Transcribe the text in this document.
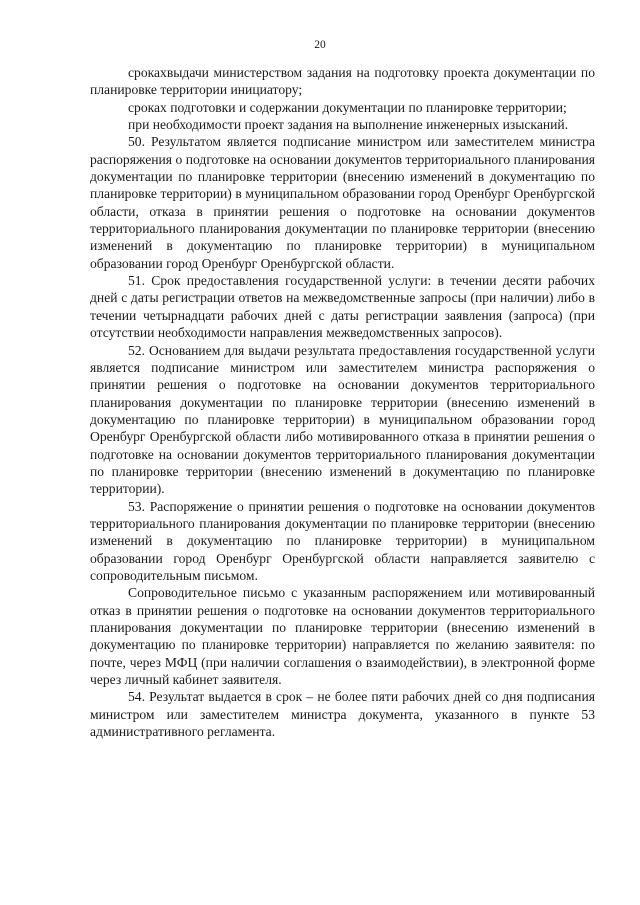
20

срокахвыдачи министерством задания на подготовку проекта документации по планировке территории инициатору;

сроках подготовки и содержании документации по планировке территории;

при необходимости проект задания на выполнение инженерных изысканий.

50. Результатом является подписание министром или заместителем министра распоряжения о подготовке на основании документов территориального планирования документации по планировке территории (внесению изменений в документацию по планировке территории) в муниципальном образовании город Оренбург Оренбургской области, отказа в принятии решения о подготовке на основании документов территориального планирования документации по планировке территории (внесению изменений в документацию по планировке территории) в муниципальном образовании город Оренбург Оренбургской области.

51. Срок предоставления государственной услуги: в течении десяти рабочих дней с даты регистрации ответов на межведомственные запросы (при наличии) либо в течении четырнадцати рабочих дней с даты регистрации заявления (запроса) (при отсутствии необходимости направления межведомственных запросов).

52. Основанием для выдачи результата предоставления государственной услуги является подписание министром или заместителем министра распоряжения о принятии решения о подготовке на основании документов территориального планирования документации по планировке территории (внесению изменений в документацию по планировке территории) в муниципальном образовании город Оренбург Оренбургской области либо мотивированного отказа в принятии решения о подготовке на основании документов территориального планирования документации по планировке территории (внесению изменений в документацию по планировке территории).

53. Распоряжение о принятии решения о подготовке на основании документов территориального планирования документации по планировке территории (внесению изменений в документацию по планировке территории) в муниципальном образовании город Оренбург Оренбургской области направляется заявителю с сопроводительным письмом.

Сопроводительное письмо с указанным распоряжением или мотивированный отказ в принятии решения о подготовке на основании документов территориального планирования документации по планировке территории (внесению изменений в документацию по планировке территории) направляется по желанию заявителя: по почте, через МФЦ (при наличии соглашения о взаимодействии), в электронной форме через личный кабинет заявителя.

54. Результат выдается в срок – не более пяти рабочих дней со дня подписания министром или заместителем министра документа, указанного в пункте 53 административного регламента.
